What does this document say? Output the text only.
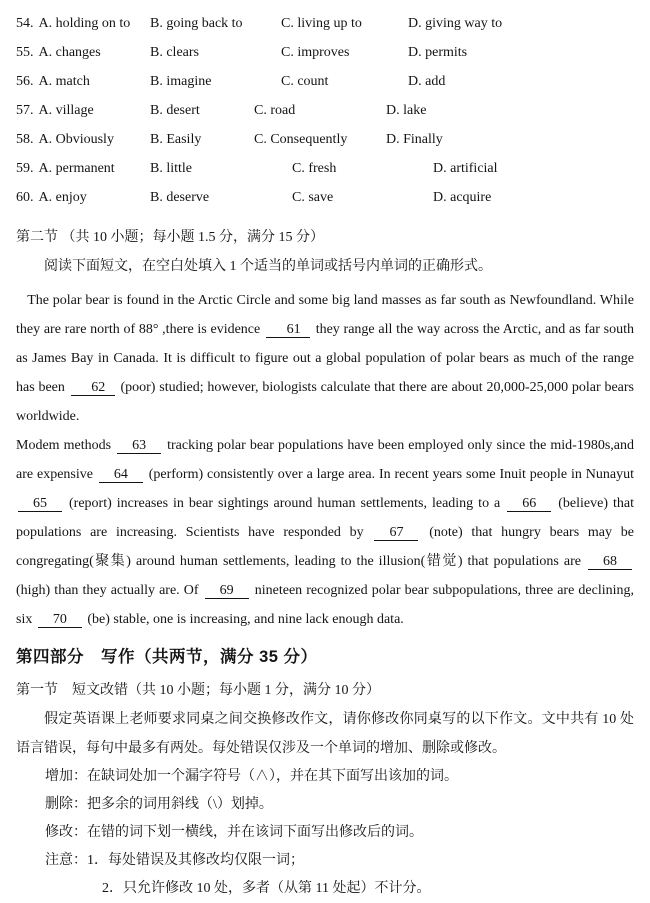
54. A. holding on to	B. going back to	C. living up to	D. giving way to
55. A. changes	B. clears	C. improves	D. permits
56. A. match	B. imagine	C. count	D. add
57. A. village	B. desert	C. road	D. lake
58. A. Obviously	B. Easily	C. Consequently	D. Finally
59. A. permanent	B. little	C. fresh	D. artificial
60. A. enjoy	B. deserve	C. save	D. acquire
第二节 （共 10 小题；每小题 1.5 分，满分 15 分）
阅读下面短文，在空白处填入 1 个适当的单词或括号内单词的正确形式。

The polar bear is found in the Arctic Circle and some big land masses as far south as Newfoundland. While they are rare north of 88° ,there is evidence 61 they range all the way across the Arctic, and as far south as James Bay in Canada. It is difficult to figure out a global population of polar bears as much of the range has been 62 (poor) studied; however, biologists calculate that there are about 20,000-25,000 polar bears worldwide.

Modem methods 63 tracking polar bear populations have been employed only since the mid-1980s,and are expensive 64 (perform) consistently over a large area. In recent years some Inuit people in Nunayut 65 (report) increases in bear sightings around human settlements, leading to a 66 (believe) that populations are increasing. Scientists have responded by 67 (note) that hungry bears may be congregating(聚集) around human settlements, leading to the illusion(错觉) that populations are 68 (high) than they actually are. Of 69 nineteen recognized polar bear subpopulations, three are declining, six 70 (be) stable, one is increasing, and nine lack enough data.

第四部分　写作（共两节，满分 35 分）
第一节　短文改错（共 10 小题；每小题 1 分，满分 10 分）

假定英语课上老师要求同桌之间交换修改作文，请你修改你同桌写的以下作文。文中共有 10 处语言错误，每句中最多有两处。每处错误仅涉及一个单词的增加、删除或修改。

增加：在缺词处加一个漏字符号（∧），并在其下面写出该加的词。
删除：把多余的词用斜线（\）划掉。
修改：在错的词下划一横线，并在该词下面写出修改后的词。
注意：1．每处错误及其修改均仅限一词；
2．只允许修改 10 处，多者（从第 11 处起）不计分。
